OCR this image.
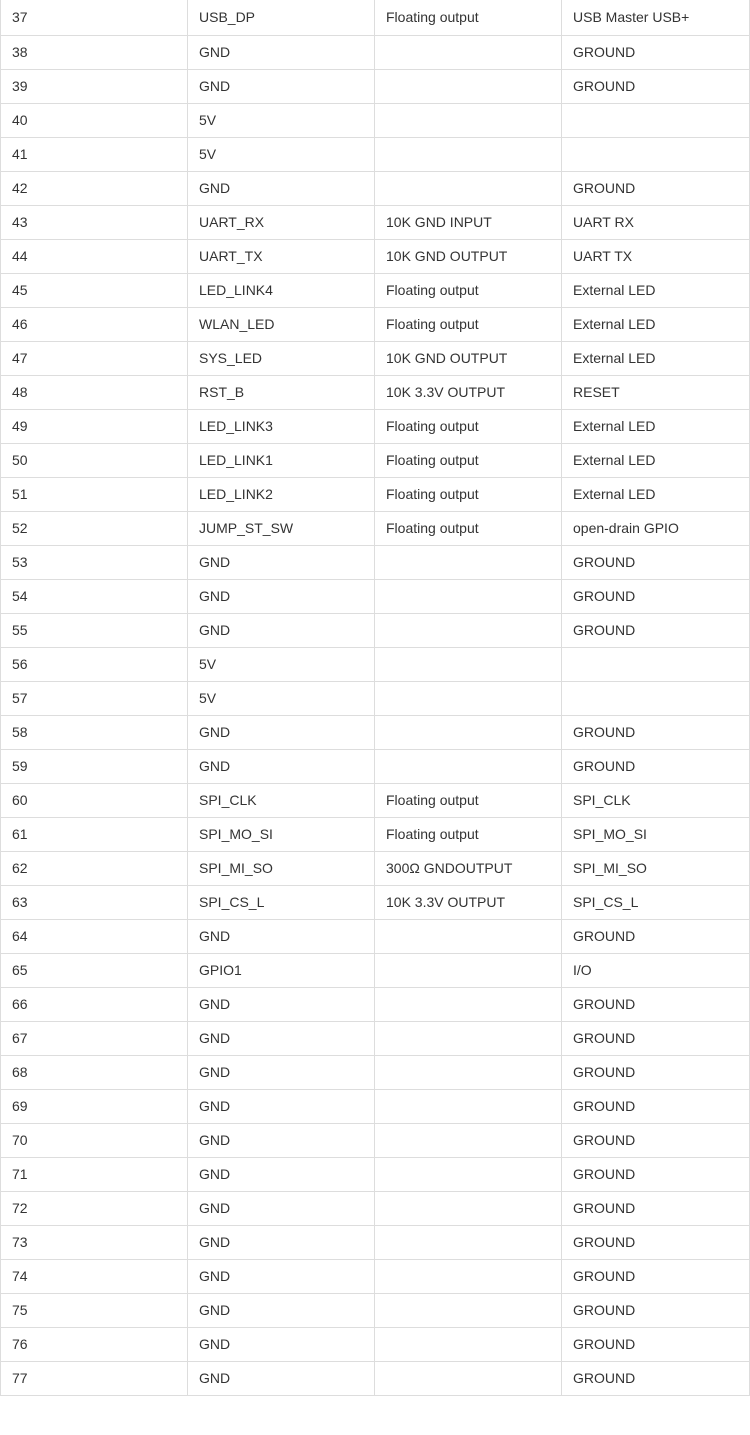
37	USB_DP	Floating output	USB Master USB+
38	GND		GROUND
39	GND		GROUND
40	5V		
41	5V		
42	GND		GROUND
43	UART_RX	10K GND INPUT	UART RX
44	UART_TX	10K GND OUTPUT	UART TX
45	LED_LINK4	Floating output	External LED
46	WLAN_LED	Floating output	External LED
47	SYS_LED	10K GND OUTPUT	External LED
48	RST_B	10K 3.3V OUTPUT	RESET
49	LED_LINK3	Floating output	External LED
50	LED_LINK1	Floating output	External LED
51	LED_LINK2	Floating output	External LED
52	JUMP_ST_SW	Floating output	open-drain GPIO
53	GND		GROUND
54	GND		GROUND
55	GND		GROUND
56	5V		
57	5V		
58	GND		GROUND
59	GND		GROUND
60	SPI_CLK	Floating output	SPI_CLK
61	SPI_MO_SI	Floating output	SPI_MO_SI
62	SPI_MI_SO	300Ω GNDOUTPUT	SPI_MI_SO
63	SPI_CS_L	10K 3.3V OUTPUT	SPI_CS_L
64	GND		GROUND
65	GPIO1		I/O
66	GND		GROUND
67	GND		GROUND
68	GND		GROUND
69	GND		GROUND
70	GND		GROUND
71	GND		GROUND
72	GND		GROUND
73	GND		GROUND
74	GND		GROUND
75	GND		GROUND
76	GND		GROUND
77	GND		GROUND
